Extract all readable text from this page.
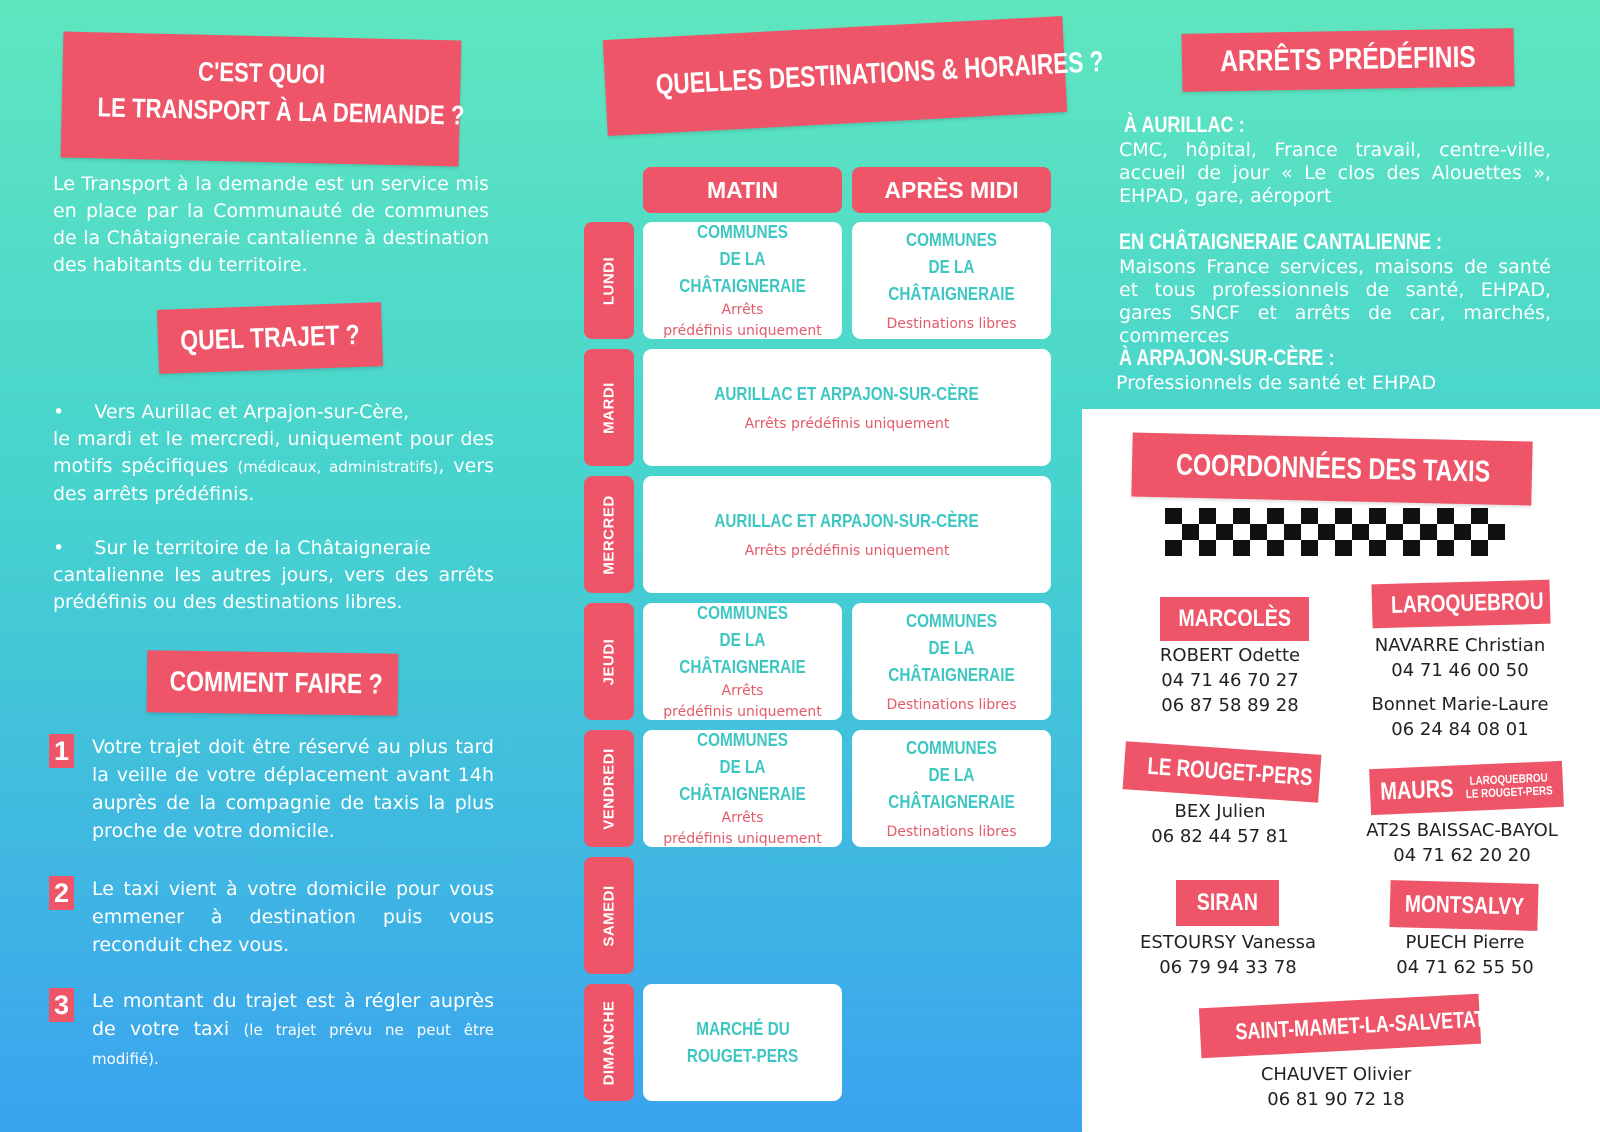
C'EST QUOI
LE TRANSPORT À LA DEMANDE ?

Le Transport à la demande est un service mis en place par la Communauté de communes de la Châtaigneraie cantalienne à destination des habitants du territoire.

QUEL TRAJET ?
•     Vers Aurillac et Arpajon-sur-Cère,
le mardi et le mercredi, uniquement pour des motifs spécifiques (médicaux, administratifs), vers des arrêts prédéfinis.
•     Sur le territoire de la Châtaigneraie
cantalienne les autres jours, vers des arrêts prédéfinis ou des destinations libres.
COMMENT FAIRE ?
1 Votre trajet doit être réservé au plus tard la veille de votre déplacement avant 14h auprès de la compagnie de taxis la plus proche de votre domicile.

2 Le taxi vient à votre domicile pour vous emmener à destination puis vous reconduit chez vous.

3 Le montant du trajet est à régler auprès de votre taxi (le trajet prévu ne peut être modifié).
QUELLES DESTINATIONS & HORAIRES ?
MATIN	APRÈS MIDI
LUNDI
MARDI
MERCRED
JEUDI
VENDREDI
SAMEDI
DIMANCHE
COMMUNES
DE LA CHÂTAIGNERAIE
Arrêts
prédéfinis uniquement
COMMUNES
DE LA CHÂTAIGNERAIE
Destinations libres
AURILLAC ET ARPAJON-SUR-CÈRE
Arrêts prédéfinis uniquement
AURILLAC ET ARPAJON-SUR-CÈRE
Arrêts prédéfinis uniquement
COMMUNES
DE LA CHÂTAIGNERAIE
Arrêts
prédéfinis uniquement
COMMUNES
DE LA CHÂTAIGNERAIE
Destinations libres
COMMUNES
DE LA CHÂTAIGNERAIE
Arrêts
prédéfinis uniquement
COMMUNES
DE LA CHÂTAIGNERAIE
Destinations libres
MARCHÉ DU
ROUGET-PERS
ARRÊTS PRÉDÉFINIS
À AURILLAC :

CMC, hôpital, France travail, centre-ville, accueil de jour « Le clos des Alouettes », EHPAD, gare, aéroport

EN CHÂTAIGNERAIE CANTALIENNE :

Maisons France services, maisons de santé et tous professionnels de santé, EHPAD, gares SNCF et arrêts de car, marchés, commerces

À ARPAJON-SUR-CÈRE :

Professionnels de santé et EHPAD

COORDONNÉES DES TAXIS
MARCOLÈS
ROBERT Odette
04 71 46 70 27
06 87 58 89 28
LAROQUEBROU
NAVARRE Christian
04 71 46 00 50
Bonnet Marie-Laure
06 24 84 08 01
LE ROUGET-PERS
BEX Julien
06 82 44 57 81
MAURS	LAROQUEBROU
LE ROUGET-PERS
AT2S BAISSAC-BAYOL
04 71 62 20 20
SIRAN
ESTOURSY Vanessa
06 79 94 33 78
MONTSALVY
PUECH Pierre
04 71 62 55 50
SAINT-MAMET-LA-SALVETAT
CHAUVET Olivier
06 81 90 72 18
